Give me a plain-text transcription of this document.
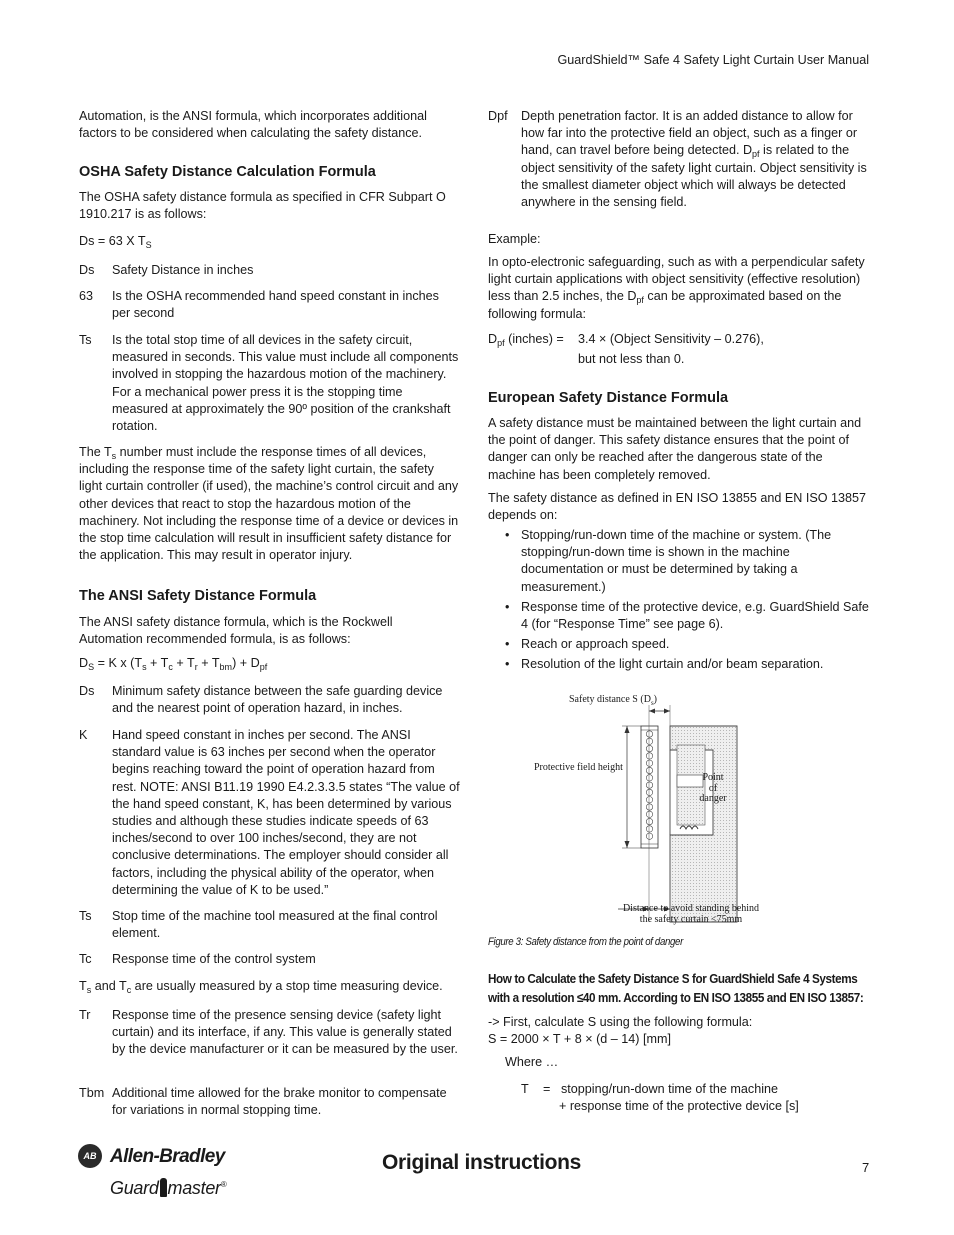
GuardShield™ Safe 4 Safety Light Curtain User Manual

Automation, is the ANSI formula, which incorporates additional factors to be considered when calculating the safety distance.

OSHA Safety Distance Calculation Formula

The OSHA safety distance formula as specified in CFR Subpart O 1910.217 is as follows:

Ds = 63 X $T_S$

Ds	Safety Distance in inches
63	Is the OSHA recommended hand speed constant in inches per second
Ts	Is the total stop time of all devices in the safety circuit, measured in seconds. This value must include all components involved in stopping the hazardous motion of the machinery. For a mechanical power press it is the stopping time measured at approximately the 90º position of the crankshaft rotation.

The $T_s$ number must include the response times of all devices, including the response time of the safety light curtain, the safety light curtain controller (if used), the machine’s control circuit and any other devices that react to stop the hazardous motion of the machinery. Not including the response time of a device or devices in the stop time calculation will result in insufficient safety distance for the application. This may result in operator injury.

The ANSI Safety Distance Formula

The ANSI safety distance formula, which is the Rockwell Automation recommended formula, is as follows:

$D_S = K$ x $(T_s + T_c + T_r + T_{bm}) + D_{pf}$

Ds	Minimum safety distance between the safe guarding device and the nearest point of operation hazard, in inches.
K	Hand speed constant in inches per second. The ANSI standard value is 63 inches per second when the operator begins reaching toward the point of operation hazard from rest. NOTE: ANSI B11.19 1990 E4.2.3.3.5 states “The value of the hand speed constant, K, has been determined by various studies and although these studies indicate speeds of 63 inches/second to over 100 inches/second, they are not conclusive determinations. The employer should consider all factors, including the physical ability of the operator, when determining the value of K to be used.”
Ts	Stop time of the machine tool measured at the final control element.
Tc	Response time of the control system

$T_s$ and $T_c$ are usually measured by a stop time measuring device.

Tr	Response time of the presence sensing device (safety light curtain) and its interface, if any. This value is generally stated by the device manufacturer or it can be measured by the user.
Tbm Additional time allowed for the brake monitor to compensate for variations in normal stopping time.
Dpf	Depth penetration factor. It is an added distance to allow for how far into the protective field an object, such as a finger or hand, can travel before being detected. $D_{pf}$ is related to the object sensitivity of the safety light curtain. Object sensitivity is the smallest diameter object which will always be detected anywhere in the sensing field.

Example:

In opto-electronic safeguarding, such as with a perpendicular safety light curtain applications with object sensitivity (effective resolution) less than 2.5 inches, the $D_{pf}$ can be approximated based on the following formula:

$D_{pf}$ (inches) = 3.4 × (Object Sensitivity – 0.276),

but not less than 0.

European Safety Distance Formula

A safety distance must be maintained between the light curtain and the point of danger. This safety distance ensures that the point of danger can only be reached after the dangerous state of the machine has been completely removed.

The safety distance as defined in EN ISO 13855 and EN ISO 13857 depends on:

• Stopping/run-down time of the machine or system. (The stopping/run-down time is shown in the machine documentation or must be determined by taking a measurement.)
• Response time of the protective device, e.g. GuardShield Safe 4 (for “Response Time” see page 6).
• Reach or approach speed.
• Resolution of the light curtain and/or beam separation.
Safety distance S $(D_s)$
Protective field height
Point
of
danger
Distance to avoid standing behind
the safety curtain ≤75mm
Figure 3: Safety distance from the point of danger
How to Calculate the Safety Distance S for GuardShield Safe 4 Systems
with a resolution ≤40 mm. According to EN ISO 13855 and EN ISO 13857:

-> First, calculate S using the following formula:

S = 2000 × T + 8 × (d – 14) [mm]

Where …

T = stopping/run-down time of the machine

+ response time of the protective device [s]

AB Allen-Bradley
Guard master®
Original instructions	7
